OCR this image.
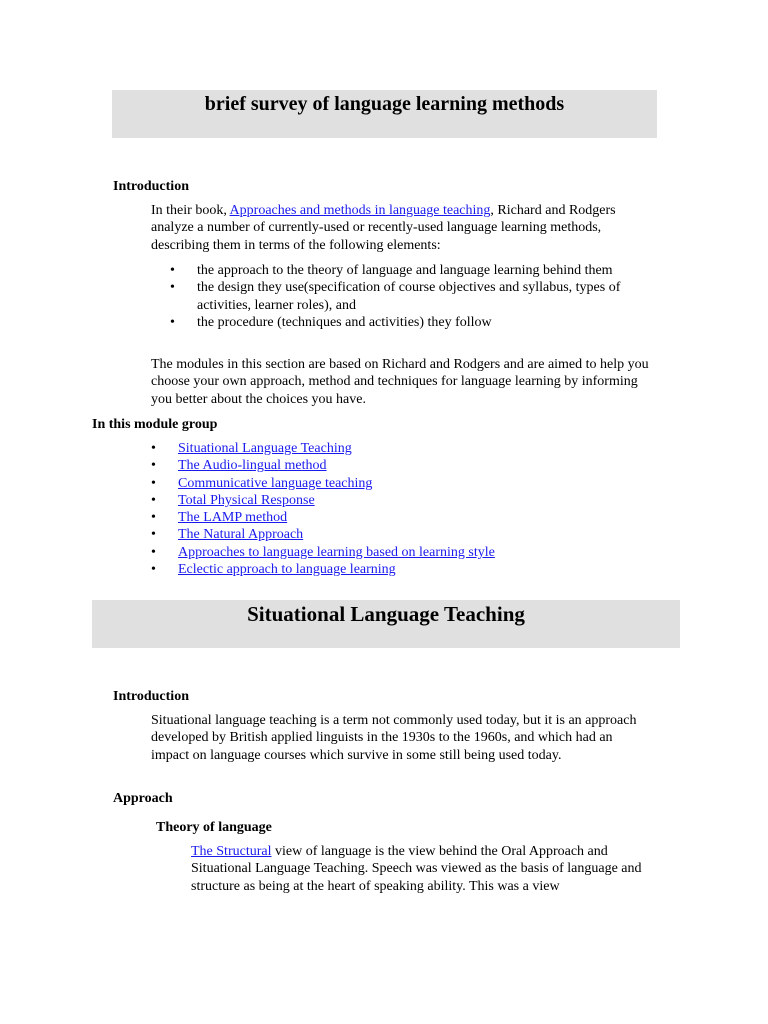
brief survey of language learning methods
Introduction
In their book, Approaches and methods in language teaching, Richard and Rodgers analyze a number of currently-used or recently-used language learning methods, describing them in terms of the following elements:
• the approach to the theory of language and language learning behind them
• the design they use(specification of course objectives and syllabus, types of activities, learner roles), and
• the procedure (techniques and activities) they follow
The modules in this section are based on Richard and Rodgers and are aimed to help you choose your own approach, method and techniques for language learning by informing you better about the choices you have.
In this module group
• Situational Language Teaching
• The Audio-lingual method
• Communicative language teaching
• Total Physical Response
• The LAMP method
• The Natural Approach
• Approaches to language learning based on learning style
• Eclectic approach to language learning
Situational Language Teaching
Introduction
Situational language teaching is a term not commonly used today, but it is an approach developed by British applied linguists in the 1930s to the 1960s, and which had an impact on language courses which survive in some still being used today.
Approach
Theory of language
The Structural view of language is the view behind the Oral Approach and Situational Language Teaching. Speech was viewed as the basis of language and structure as being at the heart of speaking ability. This was a view
